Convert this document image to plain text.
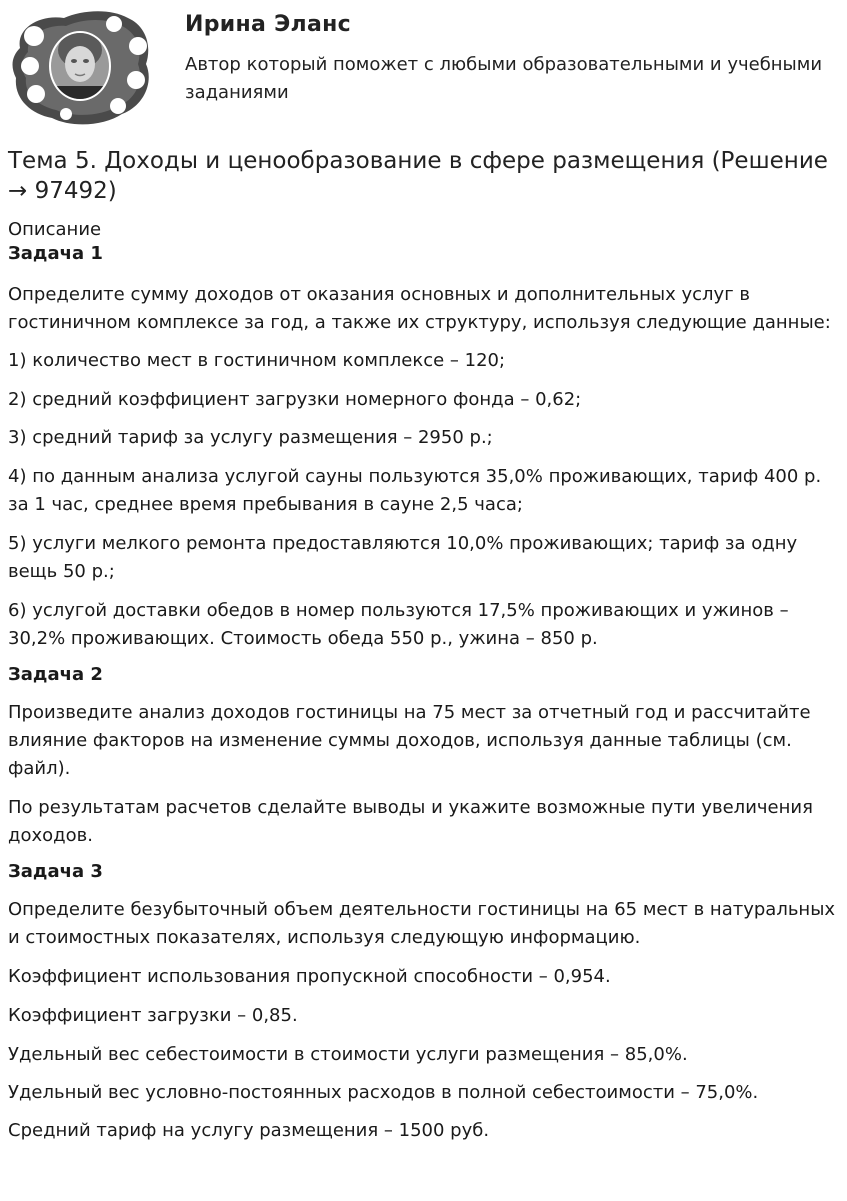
Ирина Эланс
Автор который поможет с любыми образовательными и учебными заданиями
Тема 5. Доходы и ценообразование в сфере размещения (Решение → 97492)
Описание
Задача 1

Определите сумму доходов от оказания основных и дополнительных услуг в гостиничном комплексе за год, а также их структуру, используя следующие данные:

1) количество мест в гостиничном комплексе – 120;

2) средний коэффициент загрузки номерного фонда – 0,62;

3) средний тариф за услугу размещения – 2950 р.;

4) по данным анализа услугой сауны пользуются 35,0% проживающих, тариф 400 р. за 1 час, среднее время пребывания в сауне 2,5 часа;

5) услуги мелкого ремонта предоставляются 10,0% проживающих; тариф за одну вещь 50 р.;

6) услугой доставки обедов в номер пользуются 17,5% проживающих и ужинов – 30,2% проживающих. Стоимость обеда 550 р., ужина – 850 р.

Задача 2

Произведите анализ доходов гостиницы на 75 мест за отчетный год и рассчитайте влияние факторов на изменение суммы доходов, используя данные таблицы (см. файл).

По результатам расчетов сделайте выводы и укажите возможные пути увеличения доходов.

Задача 3

Определите безубыточный объем деятельности гостиницы на 65 мест в натуральных и стоимостных показателях, используя следующую информацию.

Коэффициент использования пропускной способности – 0,954.

Коэффициент загрузки – 0,85.

Удельный вес себестоимости в стоимости услуги размещения – 85,0%.

Удельный вес условно-постоянных расходов в полной себестоимости – 75,0%.

Средний тариф на услугу размещения – 1500 руб.
